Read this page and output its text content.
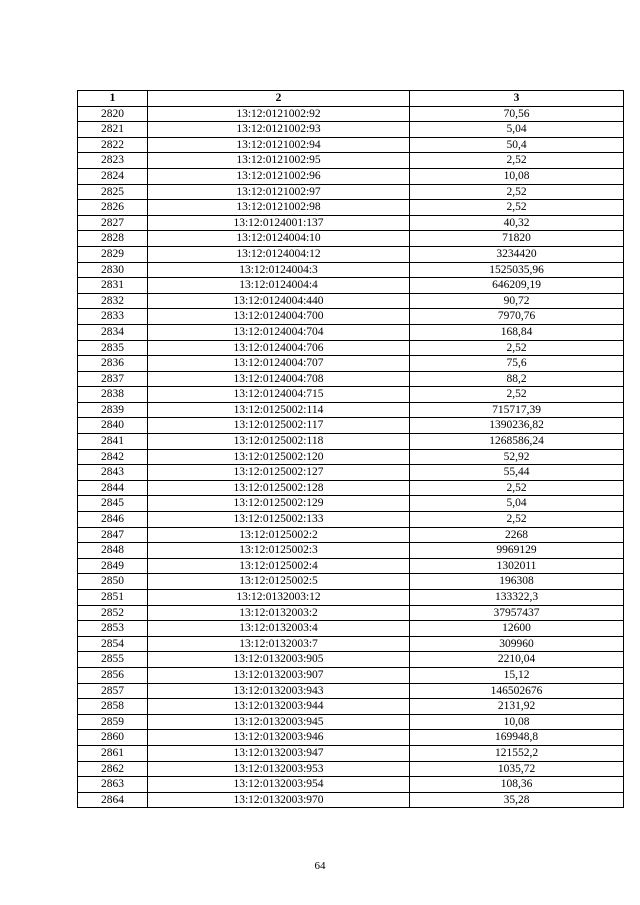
1	2	3
2820	13:12:0121002:92	70,56
2821	13:12:0121002:93	5,04
2822	13:12:0121002:94	50,4
2823	13:12:0121002:95	2,52
2824	13:12:0121002:96	10,08
2825	13:12:0121002:97	2,52
2826	13:12:0121002:98	2,52
2827	13:12:0124001:137	40,32
2828	13:12:0124004:10	71820
2829	13:12:0124004:12	3234420
2830	13:12:0124004:3	1525035,96
2831	13:12:0124004:4	646209,19
2832	13:12:0124004:440	90,72
2833	13:12:0124004:700	7970,76
2834	13:12:0124004:704	168,84
2835	13:12:0124004:706	2,52
2836	13:12:0124004:707	75,6
2837	13:12:0124004:708	88,2
2838	13:12:0124004:715	2,52
2839	13:12:0125002:114	715717,39
2840	13:12:0125002:117	1390236,82
2841	13:12:0125002:118	1268586,24
2842	13:12:0125002:120	52,92
2843	13:12:0125002:127	55,44
2844	13:12:0125002:128	2,52
2845	13:12:0125002:129	5,04
2846	13:12:0125002:133	2,52
2847	13:12:0125002:2	2268
2848	13:12:0125002:3	9969129
2849	13:12:0125002:4	1302011
2850	13:12:0125002:5	196308
2851	13:12:0132003:12	133322,3
2852	13:12:0132003:2	37957437
2853	13:12:0132003:4	12600
2854	13:12:0132003:7	309960
2855	13:12:0132003:905	2210,04
2856	13:12:0132003:907	15,12
2857	13:12:0132003:943	146502676
2858	13:12:0132003:944	2131,92
2859	13:12:0132003:945	10,08
2860	13:12:0132003:946	169948,8
2861	13:12:0132003:947	121552,2
2862	13:12:0132003:953	1035,72
2863	13:12:0132003:954	108,36
2864	13:12:0132003:970	35,28
64
